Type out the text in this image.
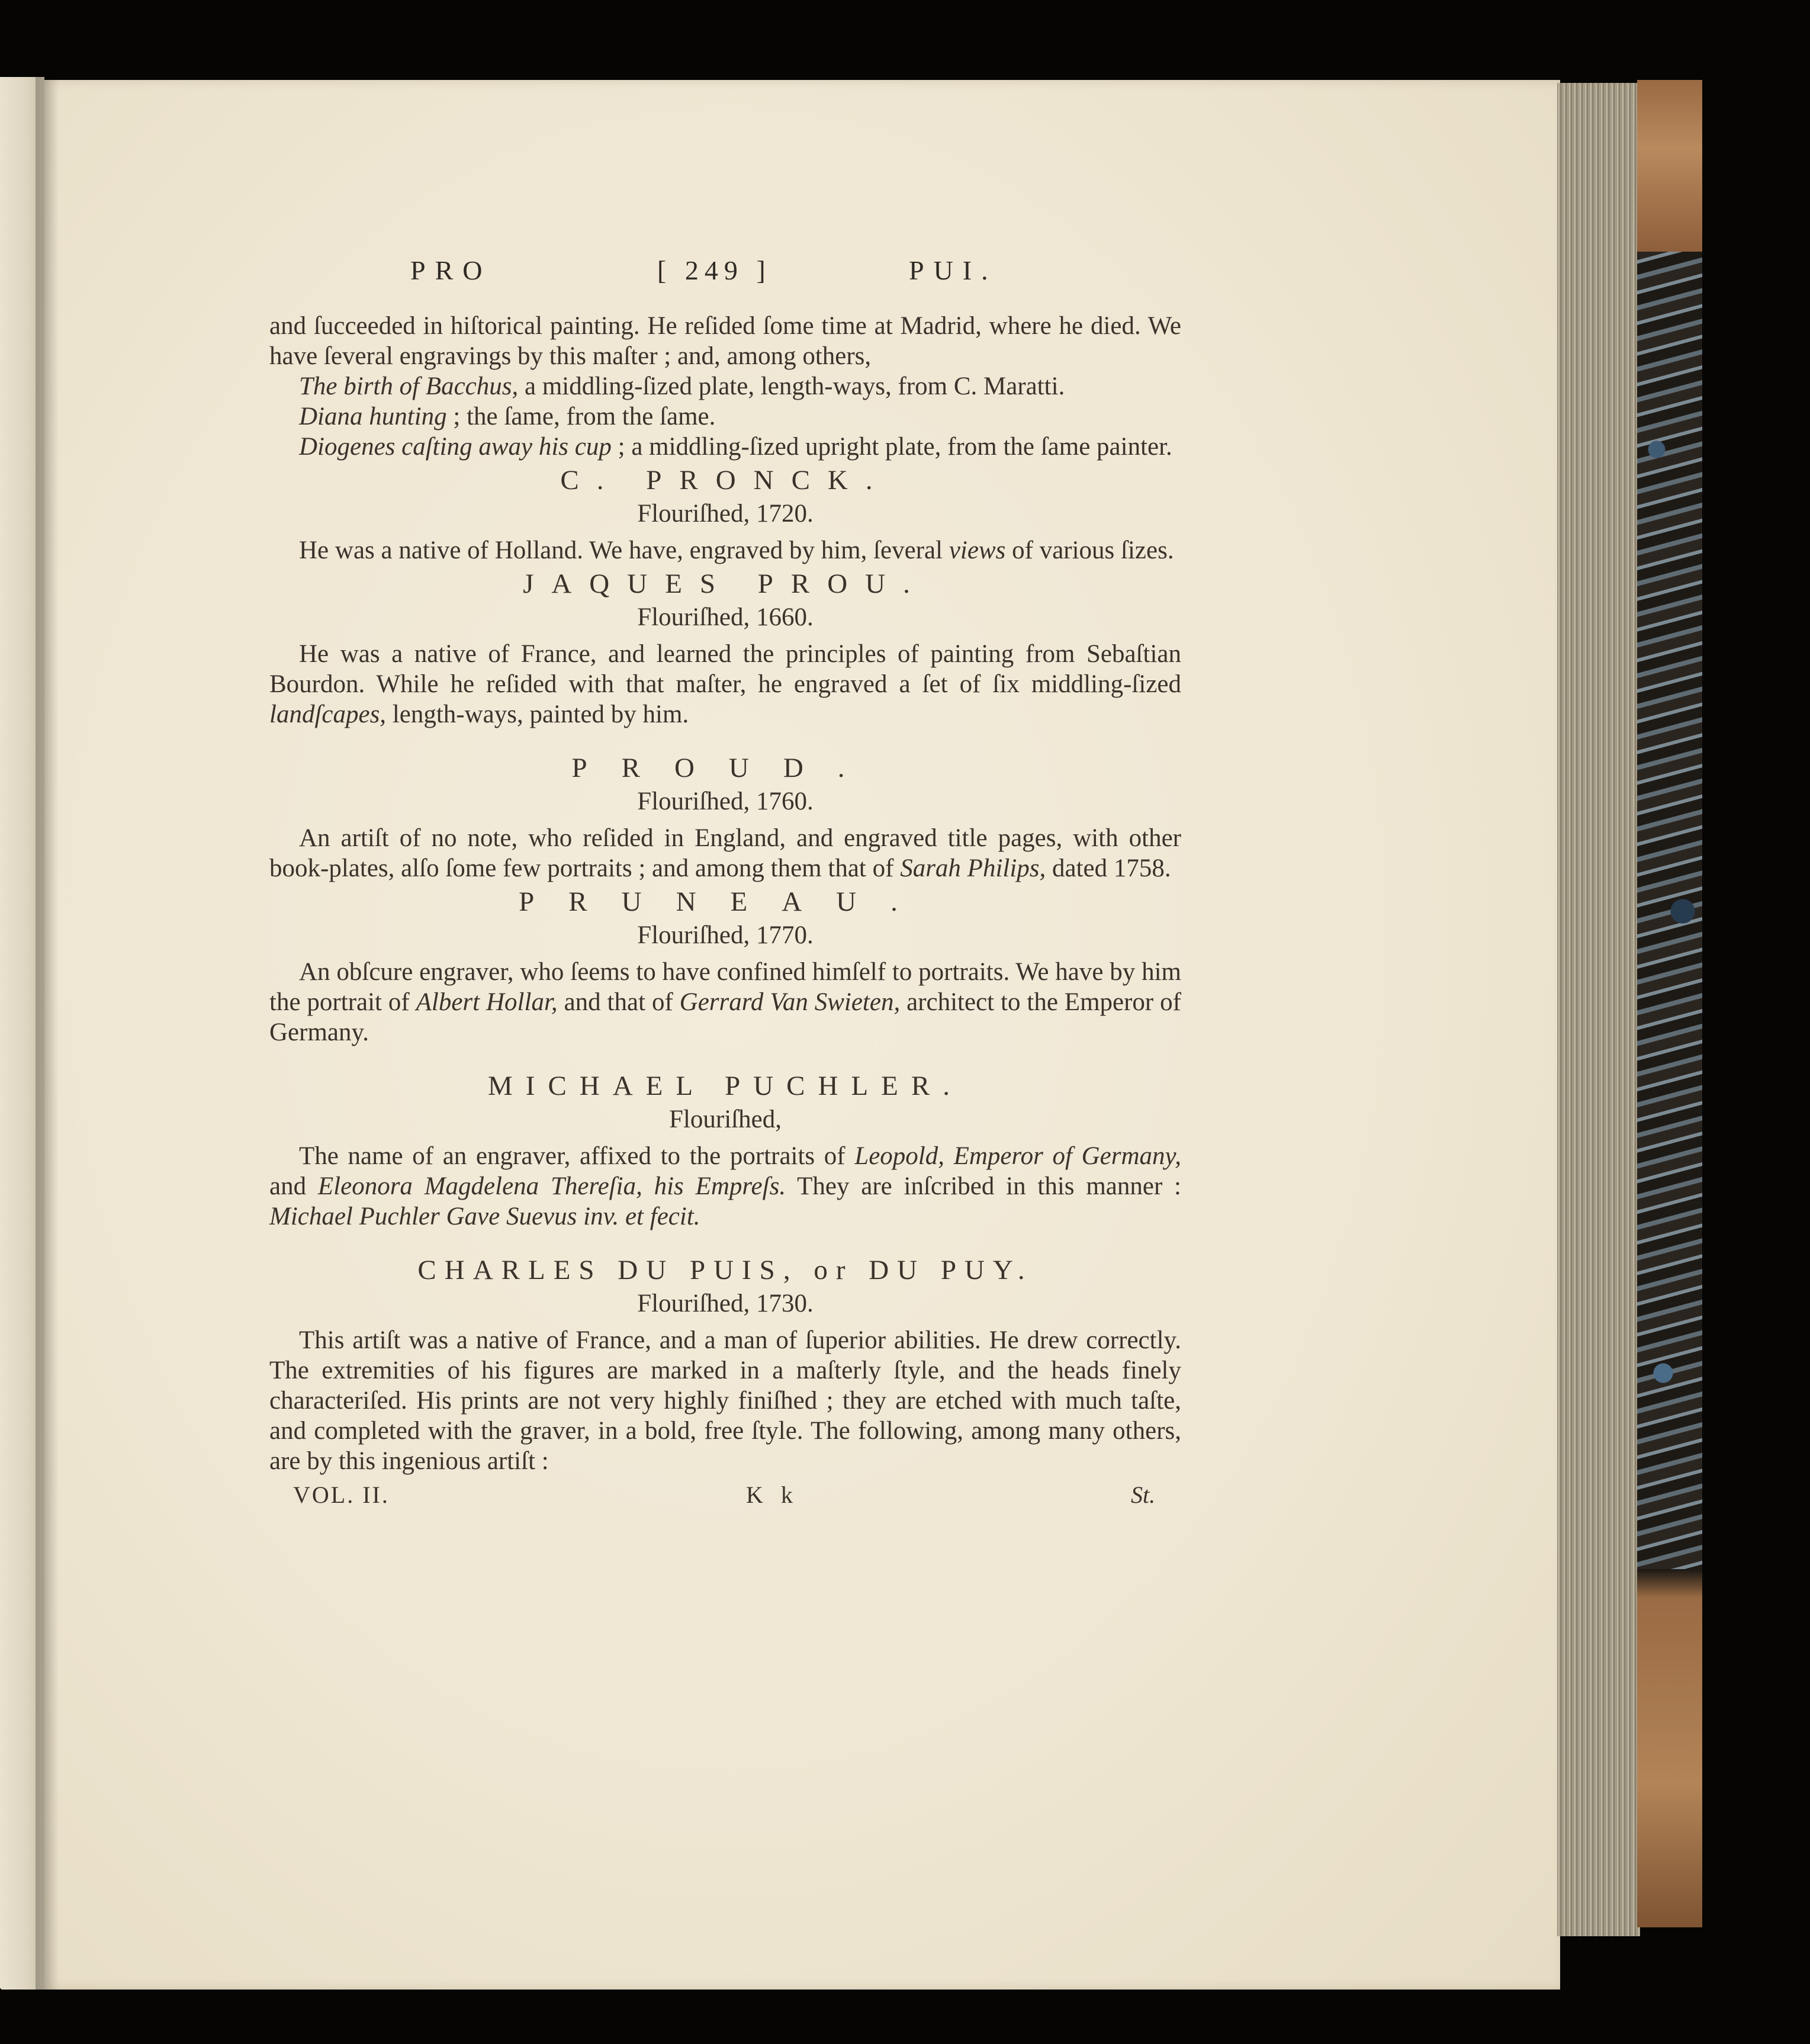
PRO	[ 249 ]	PUI.

and ſucceeded in hiſtorical painting. He reſided ſome time at Madrid, where he died. We have ſeveral engravings by this maſter ; and, among others,

The birth of Bacchus, a middling-ſized plate, length-ways, from C. Maratti.

Diana hunting ; the ſame, from the ſame.

Diogenes caſting away his cup ; a middling-ſized upright plate, from the ſame painter.

C. PRONCK.
Flouriſhed, 1720.

He was a native of Holland. We have, engraved by him, ſeveral views of various ſizes.

JAQUES PROU.
Flouriſhed, 1660.

He was a native of France, and learned the principles of painting from Sebaſtian Bourdon. While he reſided with that maſter, he engraved a ſet of ſix middling-ſized landſcapes, length-ways, painted by him.

PROUD.
Flouriſhed, 1760.

An artiſt of no note, who reſided in England, and engraved title pages, with other book-plates, alſo ſome few portraits ; and among them that of Sarah Philips, dated 1758.

PRUNEAU.
Flouriſhed, 1770.

An obſcure engraver, who ſeems to have confined himſelf to portraits. We have by him the portrait of Albert Hollar, and that of Gerrard Van Swieten, architect to the Emperor of Germany.

MICHAEL PUCHLER.
Flouriſhed,

The name of an engraver, affixed to the portraits of Leopold, Emperor of Germany, and Eleonora Magdelena Thereſia, his Empreſs. They are inſcribed in this manner : Michael Puchler Gave Suevus inv. et fecit.

CHARLES DU PUIS, or DU PUY.
Flouriſhed, 1730.

This artiſt was a native of France, and a man of ſuperior abilities. He drew correctly. The extremities of his figures are marked in a maſterly ſtyle, and the heads finely characteriſed. His prints are not very highly finiſhed ; they are etched with much taſte, and completed with the graver, in a bold, free ſtyle. The following, among many others, are by this ingenious artiſt :

VOL. II.	K k	St.
